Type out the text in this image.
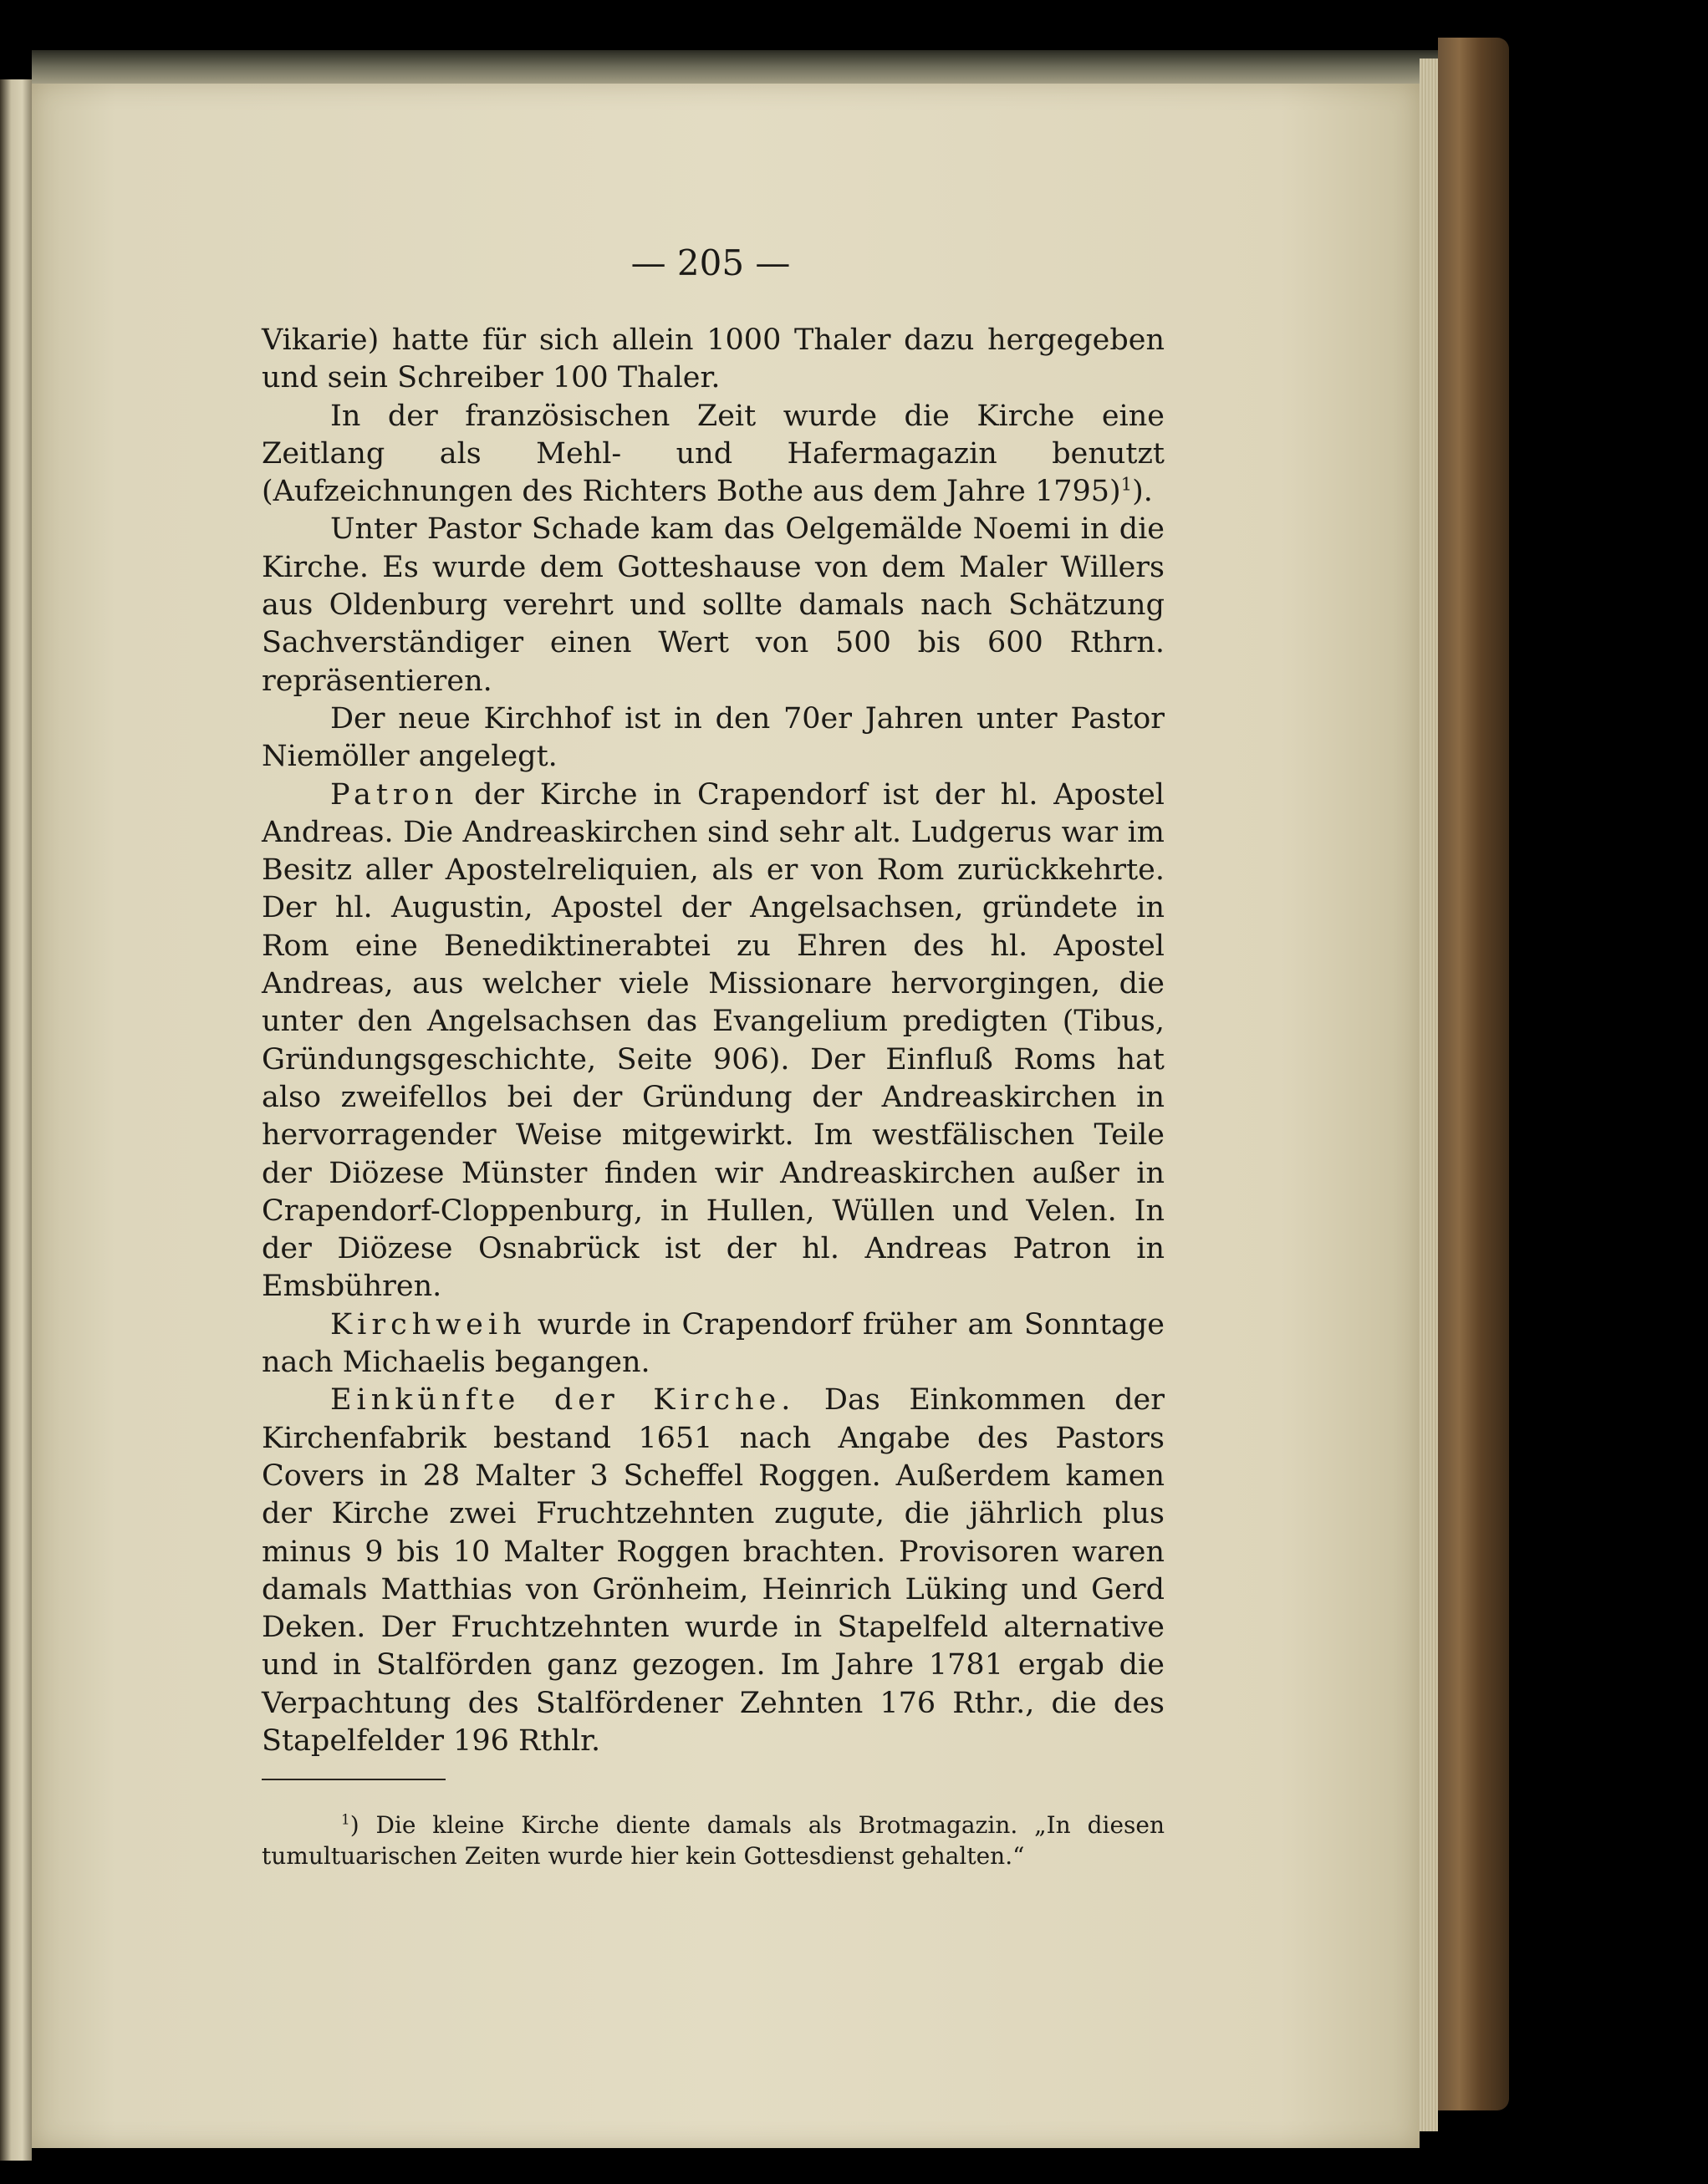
— 205 —

Vikarie) hatte für sich allein 1000 Thaler dazu hergegeben und sein Schreiber 100 Thaler.

In der französischen Zeit wurde die Kirche eine Zeitlang als Mehl- und Hafermagazin benutzt (Aufzeichnungen des Richters Bothe aus dem Jahre 1795)$^1$).

Unter Pastor Schade kam das Oelgemälde Noemi in die Kirche. Es wurde dem Gotteshause von dem Maler Willers aus Oldenburg verehrt und sollte damals nach Schätzung Sachverständiger einen Wert von 500 bis 600 Rthrn. repräsentieren.

Der neue Kirchhof ist in den 70er Jahren unter Pastor Niemöller angelegt.

Patron der Kirche in Crapendorf ist der hl. Apostel Andreas. Die Andreaskirchen sind sehr alt. Ludgerus war im Besitz aller Apostelreliquien, als er von Rom zurückkehrte. Der hl. Augustin, Apostel der Angelsachsen, gründete in Rom eine Benediktinerabtei zu Ehren des hl. Apostel Andreas, aus welcher viele Missionare hervorgingen, die unter den Angelsachsen das Evangelium predigten (Tibus, Gründungsgeschichte, Seite 906). Der Einfluß Roms hat also zweifellos bei der Gründung der Andreaskirchen in hervorragender Weise mitgewirkt. Im westfälischen Teile der Diözese Münster finden wir Andreaskirchen außer in Crapendorf-Cloppenburg, in Hullen, Wüllen und Velen. In der Diözese Osnabrück ist der hl. Andreas Patron in Emsbühren.

Kirchweih wurde in Crapendorf früher am Sonntage nach Michaelis begangen.

Einkünfte der Kirche. Das Einkommen der Kirchenfabrik bestand 1651 nach Angabe des Pastors Covers in 28 Malter 3 Scheffel Roggen. Außerdem kamen der Kirche zwei Fruchtzehnten zugute, die jährlich plus minus 9 bis 10 Malter Roggen brachten. Provisoren waren damals Matthias von Grönheim, Heinrich Lüking und Gerd Deken. Der Fruchtzehnten wurde in Stapelfeld alternative und in Stalförden ganz gezogen. Im Jahre 1781 ergab die Verpachtung des Stalfördener Zehnten 176 Rthr., die des Stapelfelder 196 Rthlr.

$^1$) Die kleine Kirche diente damals als Brotmagazin. „In diesen tumultuarischen Zeiten wurde hier kein Gottesdienst gehalten.“
